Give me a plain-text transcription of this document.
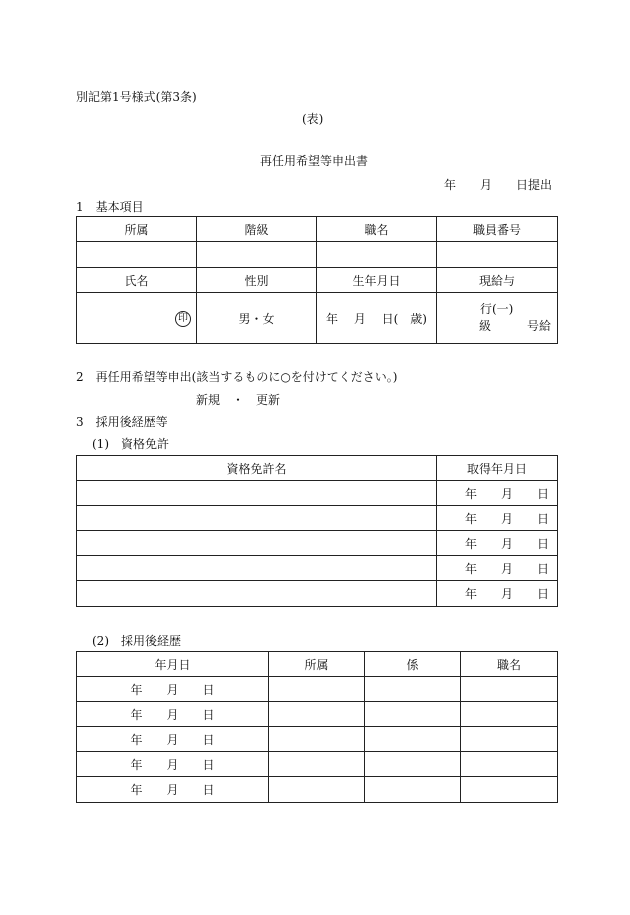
別記第1号様式(第3条)
(表)
再任用希望等申出書
年　　月　　日提出
1　基本項目
所属	階級	職名	職員番号

氏名	性別	生年月日	現給与
印	男・女	年　 月　 日(　歳)	行(一)
級　　　号給
2　再任用希望等申出(該当するものに○を付けてください。)
新規　・　更新
3　採用後経歴等
(1)　資格免許
資格免許名	取得年月日
	年　　月　　日
	年　　月　　日
	年　　月　　日
	年　　月　　日
	年　　月　　日
(2)　採用後経歴
年月日	所属	係	職名
年　　月　　日			
年　　月　　日			
年　　月　　日			
年　　月　　日			
年　　月　　日			
